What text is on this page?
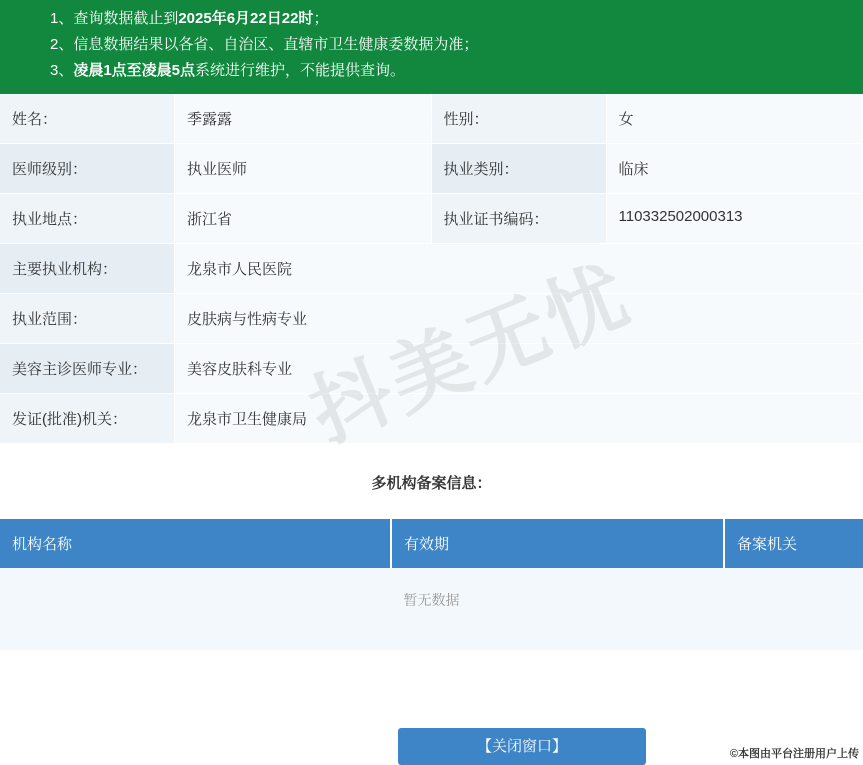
1、查询数据截止到2025年6月22日22时；
2、信息数据结果以各省、自治区、直辖市卫生健康委数据为准；
3、凌晨1点至凌晨5点系统进行维护，不能提供查询。
姓名：	季露露	性别：	女
医师级别：	执业医师	执业类别：	临床
执业地点：	浙江省	执业证书编码：	110332502000313
主要执业机构：	龙泉市人民医院		
执业范围：	皮肤病与性病专业		
美容主诊医师专业：	美容皮肤科专业		
发证(批准)机关：	龙泉市卫生健康局		
多机构备案信息：
机构名称	有效期	备案机关
暂无数据
【关闭窗口】	©本图由平台注册用户上传
